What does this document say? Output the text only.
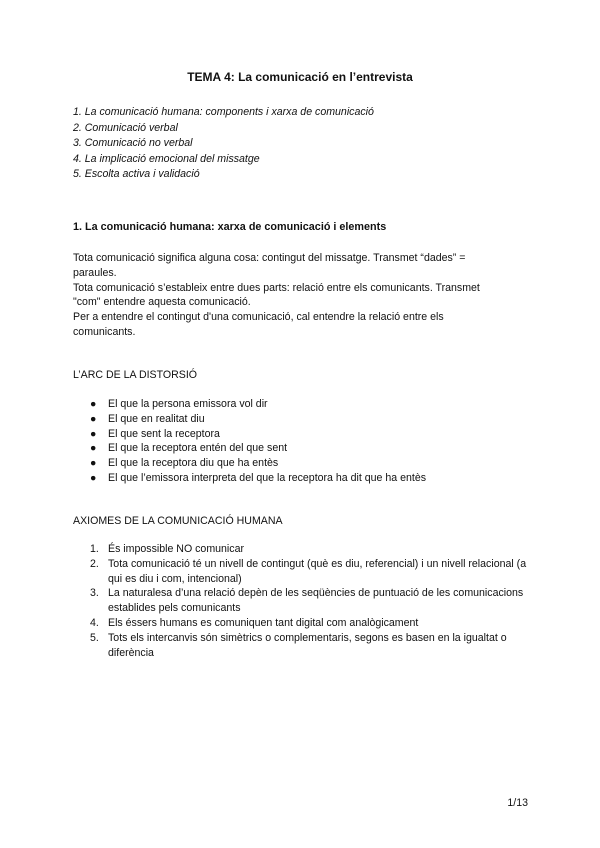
TEMA 4: La comunicació en l’entrevista
1. La comunicació humana: components i xarxa de comunicació
2. Comunicació verbal
3. Comunicació no verbal
4. La implicació emocional del missatge
5. Escolta activa i validació
1. La comunicació humana: xarxa de comunicació i elements

Tota comunicació significa alguna cosa: contingut del missatge. Transmet “dades” = paraules.

Tota comunicació s’estableix entre dues parts: relació entre els comunicants. Transmet "com" entendre aquesta comunicació.

Per a entendre el contingut d'una comunicació, cal entendre la relació entre els comunicants.

L’ARC DE LA DISTORSIÓ
● El que la persona emissora vol dir
● El que en realitat diu
● El que sent la receptora
● El que la receptora entén del que sent
● El que la receptora diu que ha entès
● El que l’emissora interpreta del que la receptora ha dit que ha entès
AXIOMES DE LA COMUNICACIÓ HUMANA
1. És impossible NO comunicar
2. Tota comunicació té un nivell de contingut (què es diu, referencial) i un nivell relacional (a qui es diu i com, intencional)
3. La naturalesa d’una relació depèn de les seqüències de puntuació de les comunicacions establides pels comunicants
4. Els éssers humans es comuniquen tant digital com analògicament
5. Tots els intercanvis són simètrics o complementaris, segons es basen en la igualtat o diferència
1/13
